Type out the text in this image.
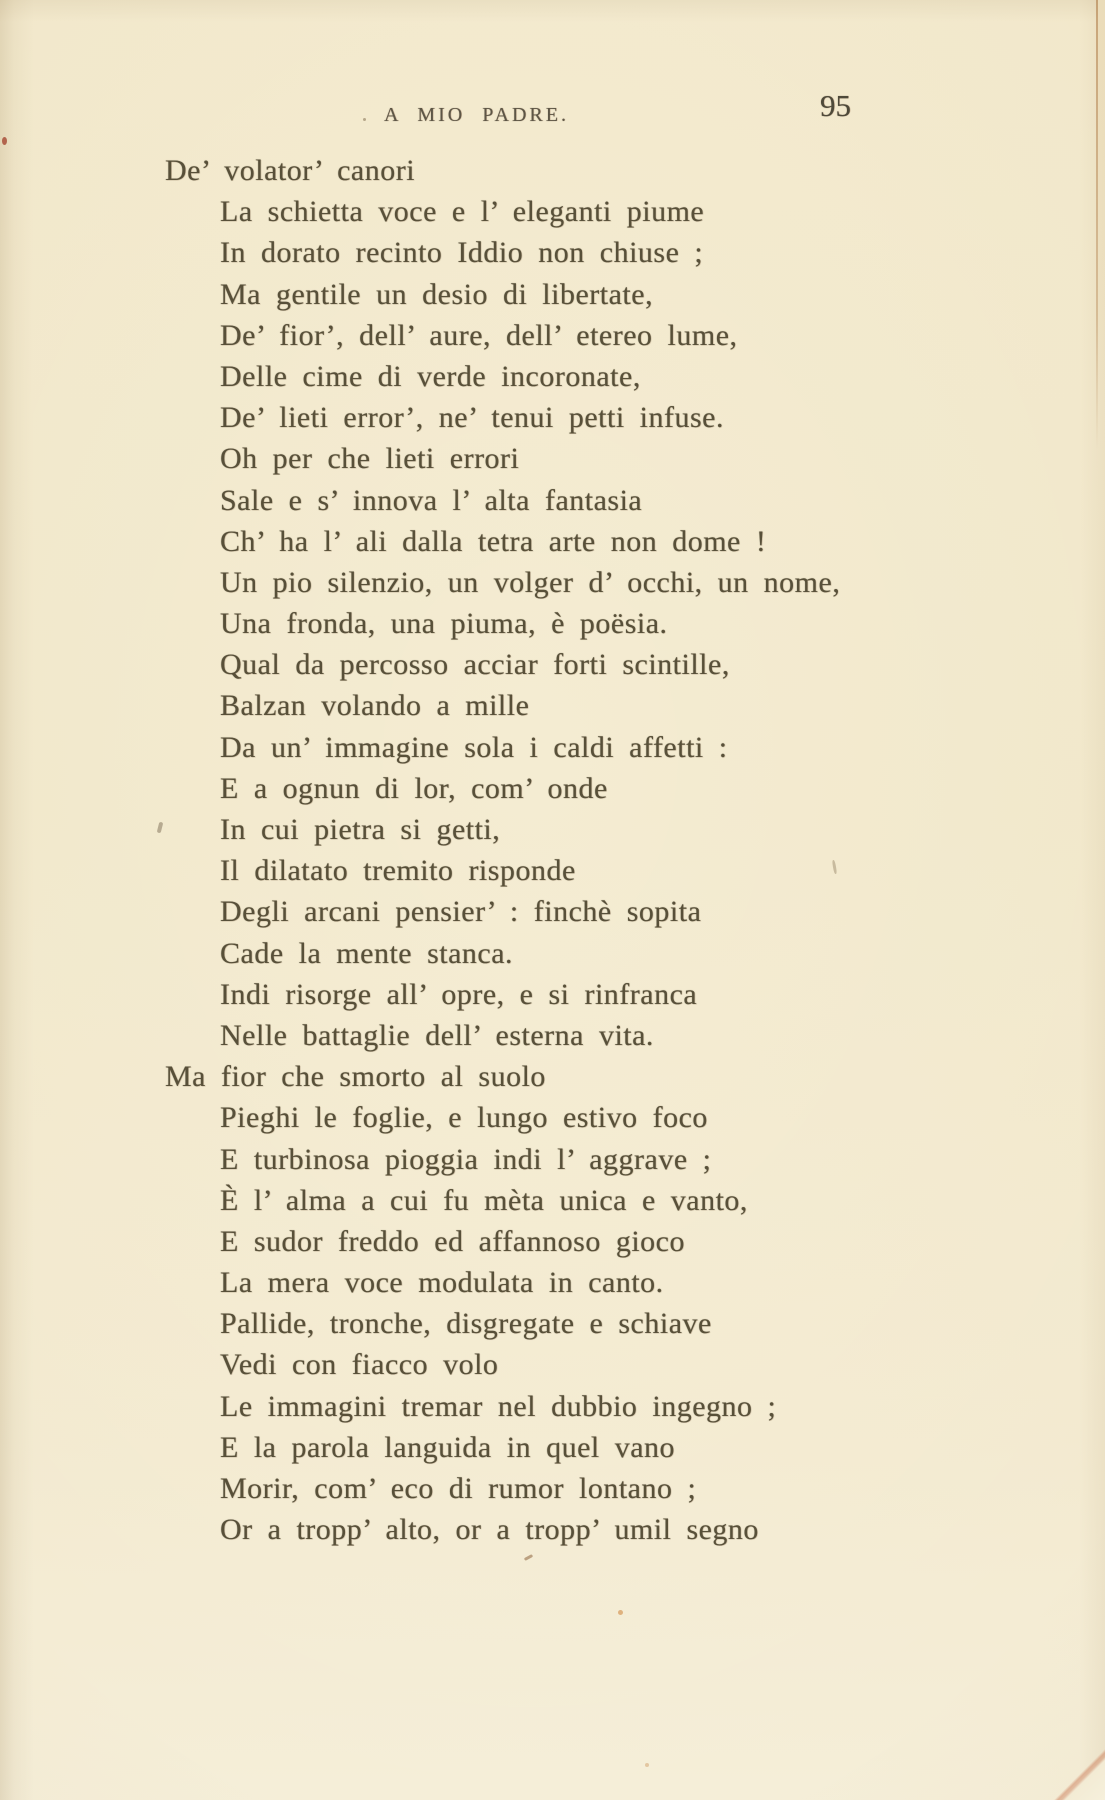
A MIO PADRE.	95
De’ volator’ canori
La schietta voce e l’ eleganti piume
In dorato recinto Iddio non chiuse ;
Ma gentile un desio di libertate,
De’ fior’, dell’ aure, dell’ etereo lume,
Delle cime di verde incoronate,
De’ lieti error’, ne’ tenui petti infuse.
Oh per che lieti errori
Sale e s’ innova l’ alta fantasia
Ch’ ha l’ ali dalla tetra arte non dome !
Un pio silenzio, un volger d’ occhi, un nome,
Una fronda, una piuma, è poësia.
Qual da percosso acciar forti scintille,
Balzan volando a mille
Da un’ immagine sola i caldi affetti :
E a ognun di lor, com’ onde
In cui pietra si getti,
Il dilatato tremito risponde
Degli arcani pensier’ : finchè sopita
Cade la mente stanca.
Indi risorge all’ opre, e si rinfranca
Nelle battaglie dell’ esterna vita.
Ma fior che smorto al suolo
Pieghi le foglie, e lungo estivo foco
E turbinosa pioggia indi l’ aggrave ;
È l’ alma a cui fu mèta unica e vanto,
E sudor freddo ed affannoso gioco
La mera voce modulata in canto.
Pallide, tronche, disgregate e schiave
Vedi con fiacco volo
Le immagini tremar nel dubbio ingegno ;
E la parola languida in quel vano
Morir, com’ eco di rumor lontano ;
Or a tropp’ alto, or a tropp’ umil segno
